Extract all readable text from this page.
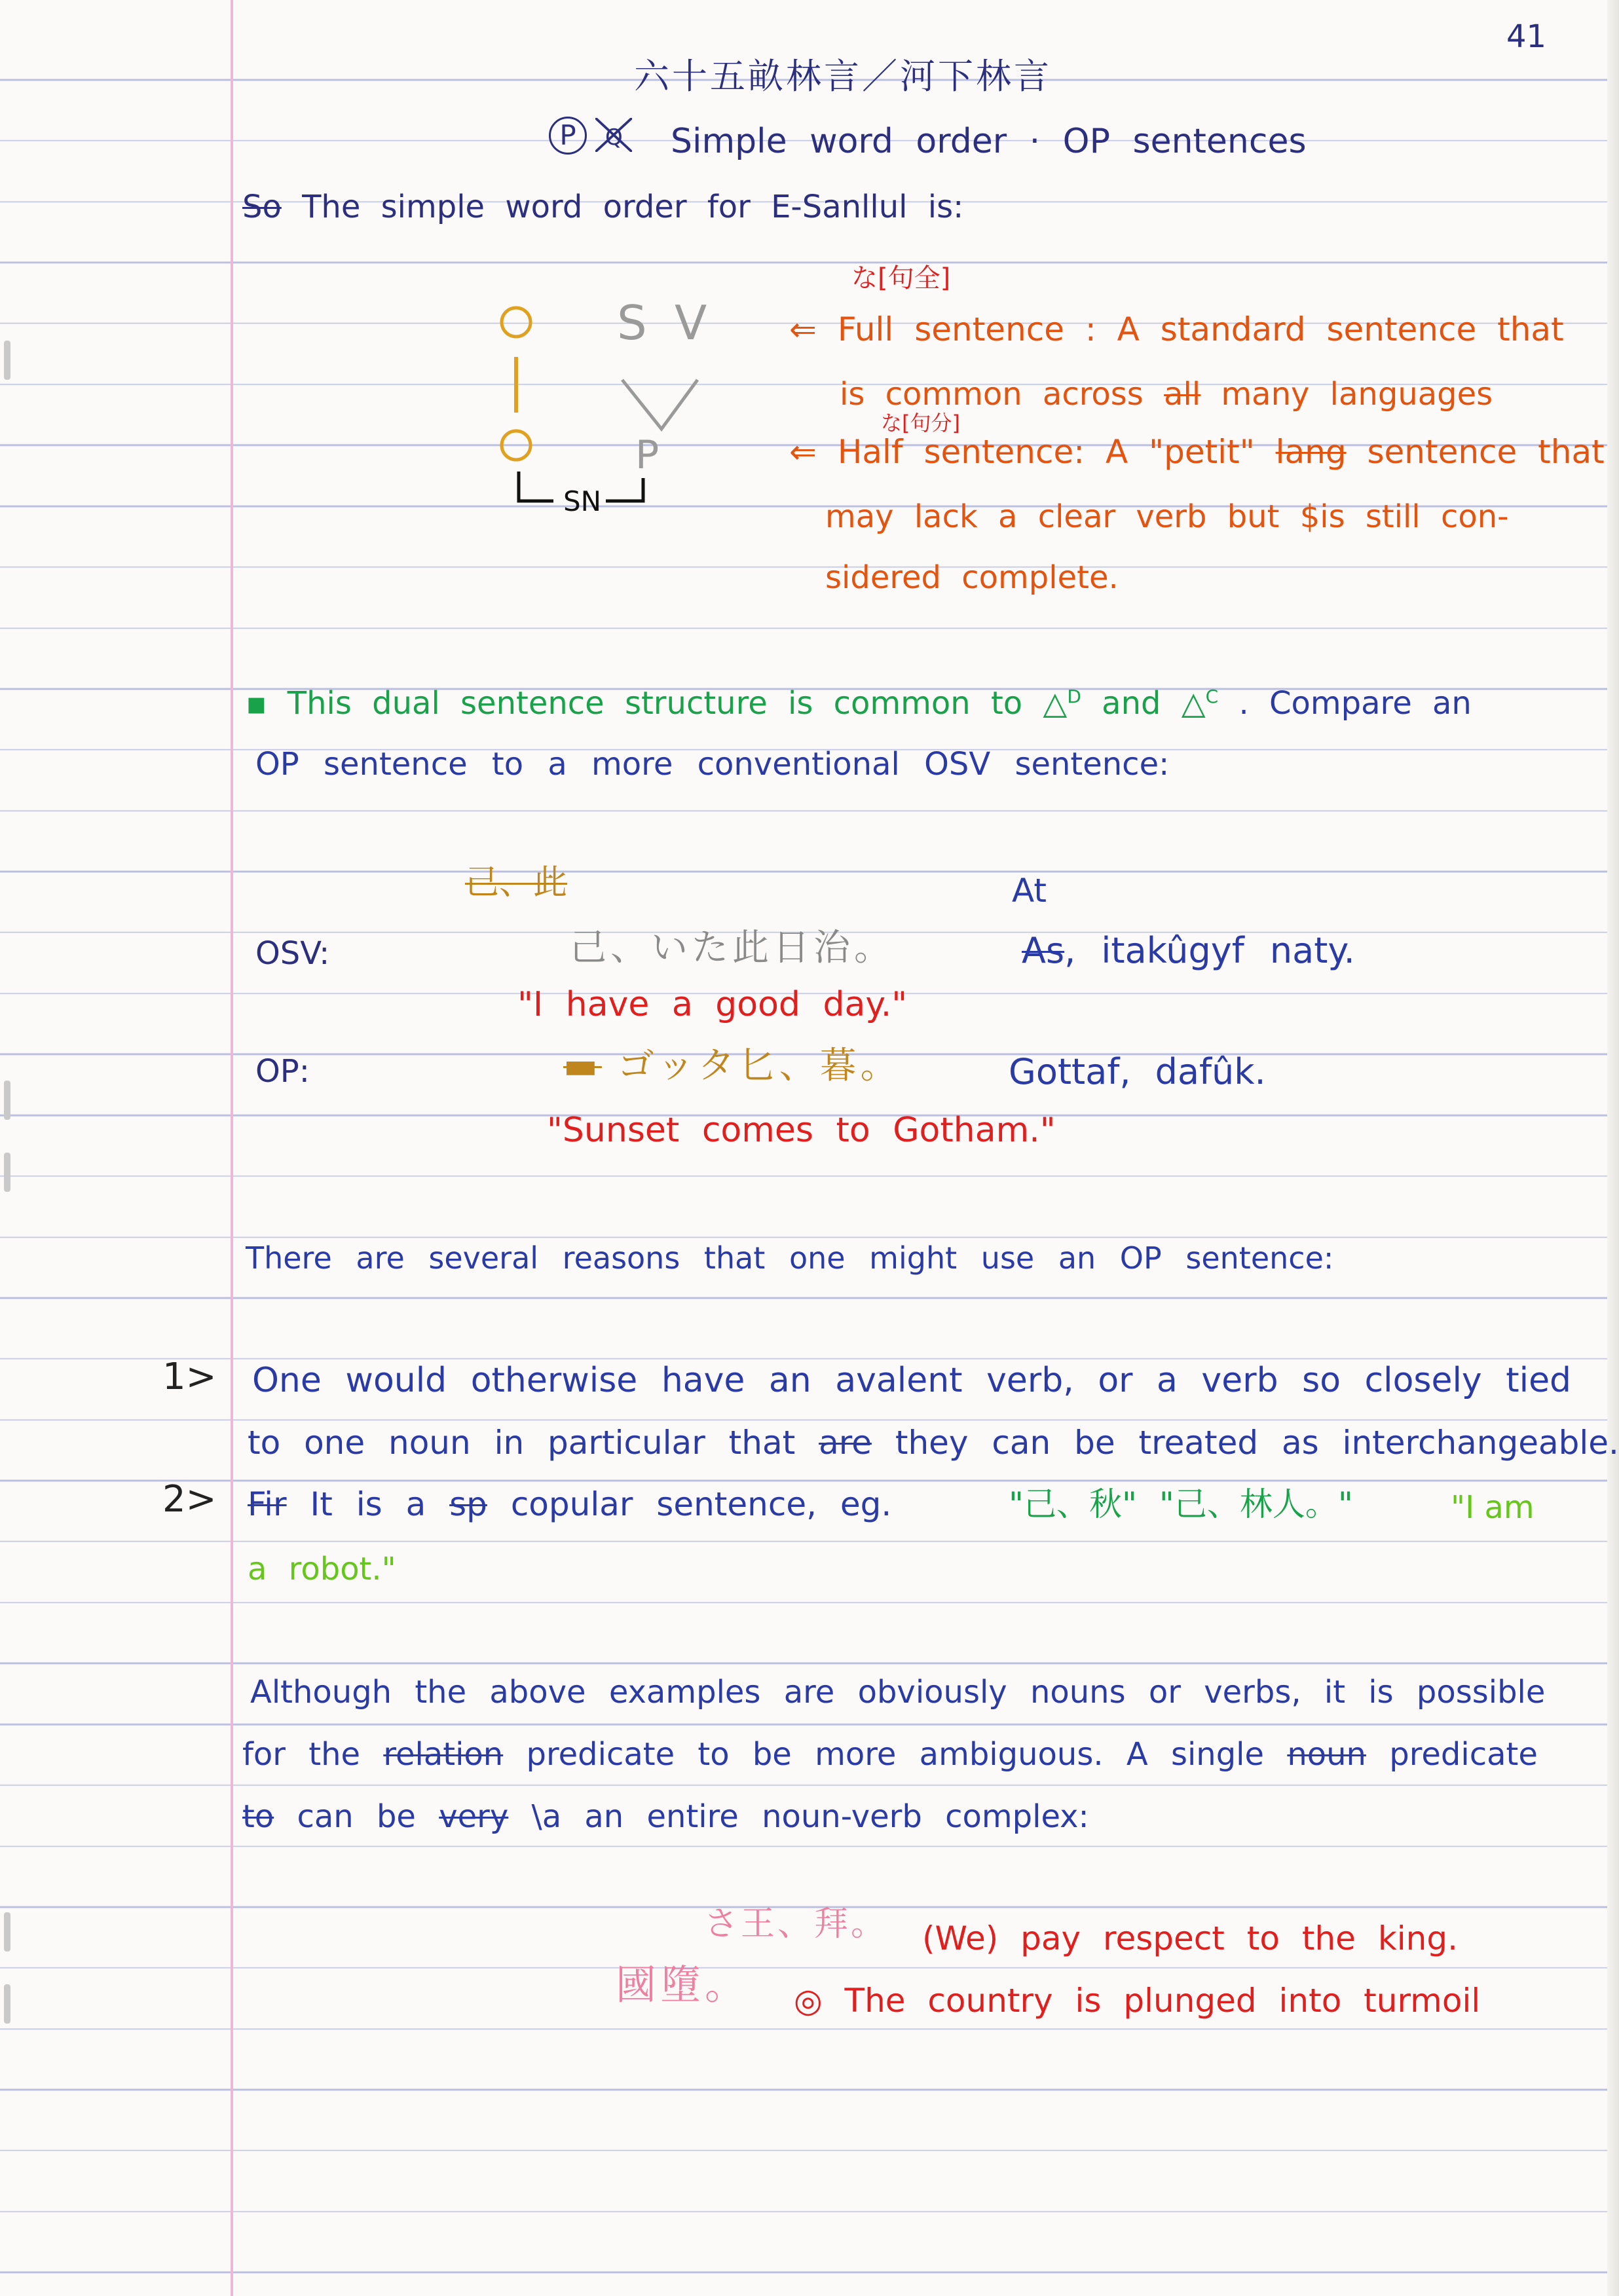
41
六十五畝林言／河下林言
P Q Simple word order · OP sentences
So The simple word order for E-Sanllul is:
S V
P
SN
な[句全]
⇐ Full sentence : A standard sentence that
is common across all many languages
な[句分]
⇐ Half sentence: A "petit" lang sentence that
may lack a clear verb but $is still con-
sidered complete.
▪ This dual sentence structure is common to △$^D$ and △$^C$ . Compare an
OP sentence to a more conventional OSV sentence:
己、此	At
OSV:	己、いた此日治。	As, itakûgyf naty.
"I have a good day."
OP:	▬ ゴッタ匕、暮。	Gottaf, dafûk.
"Sunset comes to Gotham."
There are several reasons that one might use an OP sentence:
1> One would otherwise have an avalent verb, or a verb so closely tied
to one noun in particular that are they can be treated as interchangeable.
2> Fir It is a sp copular sentence, eg.	"己、秋" "己、林人。"	"I am
a robot."
Although the above examples are obviously nouns or verbs, it is possible
for the relation predicate to be more ambiguous. A single noun predicate
to can be very \a an entire noun-verb complex:
さ王、拜。 (We) pay respect to the king.
國墮。 ◎ The country is plunged into turmoil
